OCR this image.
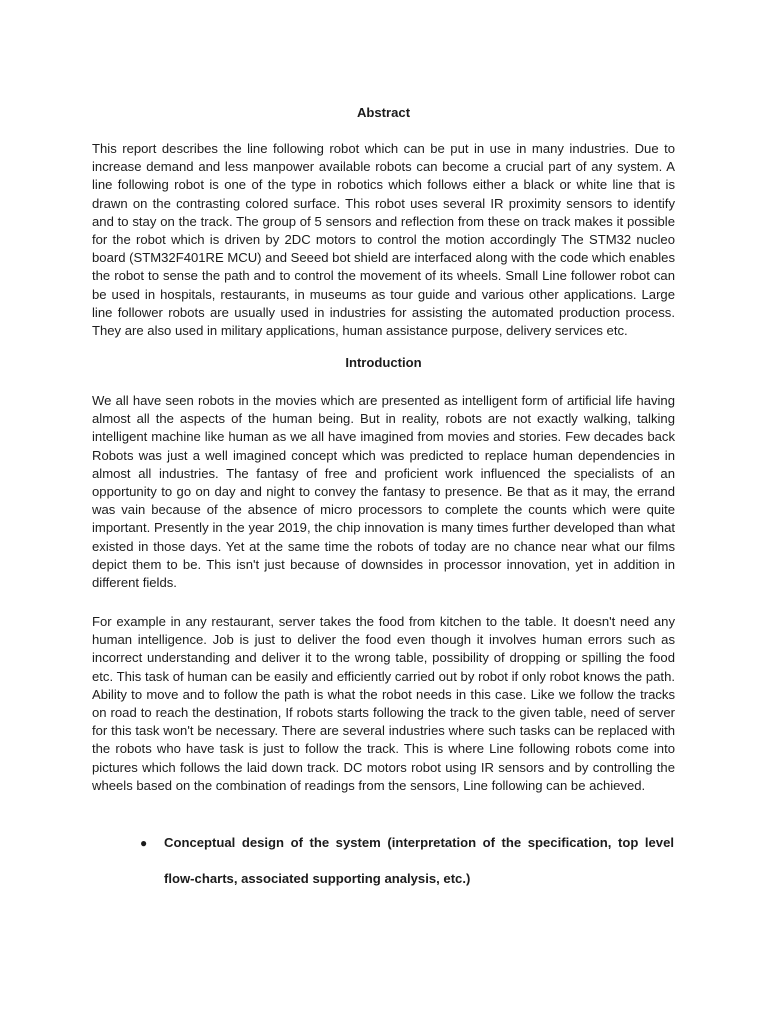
Abstract

This report describes the line following robot which can be put in use in many industries. Due to increase demand and less manpower available robots can become a crucial part of any system. A line following robot is one of the type in robotics which follows either a black or white line that is drawn on the contrasting colored surface. This robot uses several IR proximity sensors to identify and to stay on the track. The group of 5 sensors and reflection from these on track makes it possible for the robot which is driven by 2DC motors to control the motion accordingly The STM32 nucleo board (STM32F401RE MCU) and Seeed bot shield are interfaced along with the code which enables the robot to sense the path and to control the movement of its wheels. Small Line follower robot can be used in hospitals, restaurants, in museums as tour guide and various other applications. Large line follower robots are usually used in industries for assisting the automated production process. They are also used in military applications, human assistance purpose, delivery services etc.

Introduction

We all have seen robots in the movies which are presented as intelligent form of artificial life having almost all the aspects of the human being. But in reality, robots are not exactly walking, talking intelligent machine like human as we all have imagined from movies and stories. Few decades back Robots was just a well imagined concept which was predicted to replace human dependencies in almost all industries. The fantasy of free and proficient work influenced the specialists of an opportunity to go on day and night to convey the fantasy to presence. Be that as it may, the errand was vain because of the absence of micro processors to complete the counts which were quite important. Presently in the year 2019, the chip innovation is many times further developed than what existed in those days. Yet at the same time the robots of today are no chance near what our films depict them to be. This isn't just because of downsides in processor innovation, yet in addition in different fields.

For example in any restaurant, server takes the food from kitchen to the table. It doesn't need any human intelligence. Job is just to deliver the food even though it involves human errors such as incorrect understanding and deliver it to the wrong table, possibility of dropping or spilling the food etc. This task of human can be easily and efficiently carried out by robot if only robot knows the path. Ability to move and to follow the path is what the robot needs in this case. Like we follow the tracks on road to reach the destination, If robots starts following the track to the given table, need of server for this task won't be necessary. There are several industries where such tasks can be replaced with the robots who have task is just to follow the track. This is where Line following robots come into pictures which follows the laid down track. DC motors robot using IR sensors and by controlling the wheels based on the combination of readings from the sensors, Line following can be achieved.

● Conceptual design of the system (interpretation of the specification, top level flow-charts, associated supporting analysis, etc.)
